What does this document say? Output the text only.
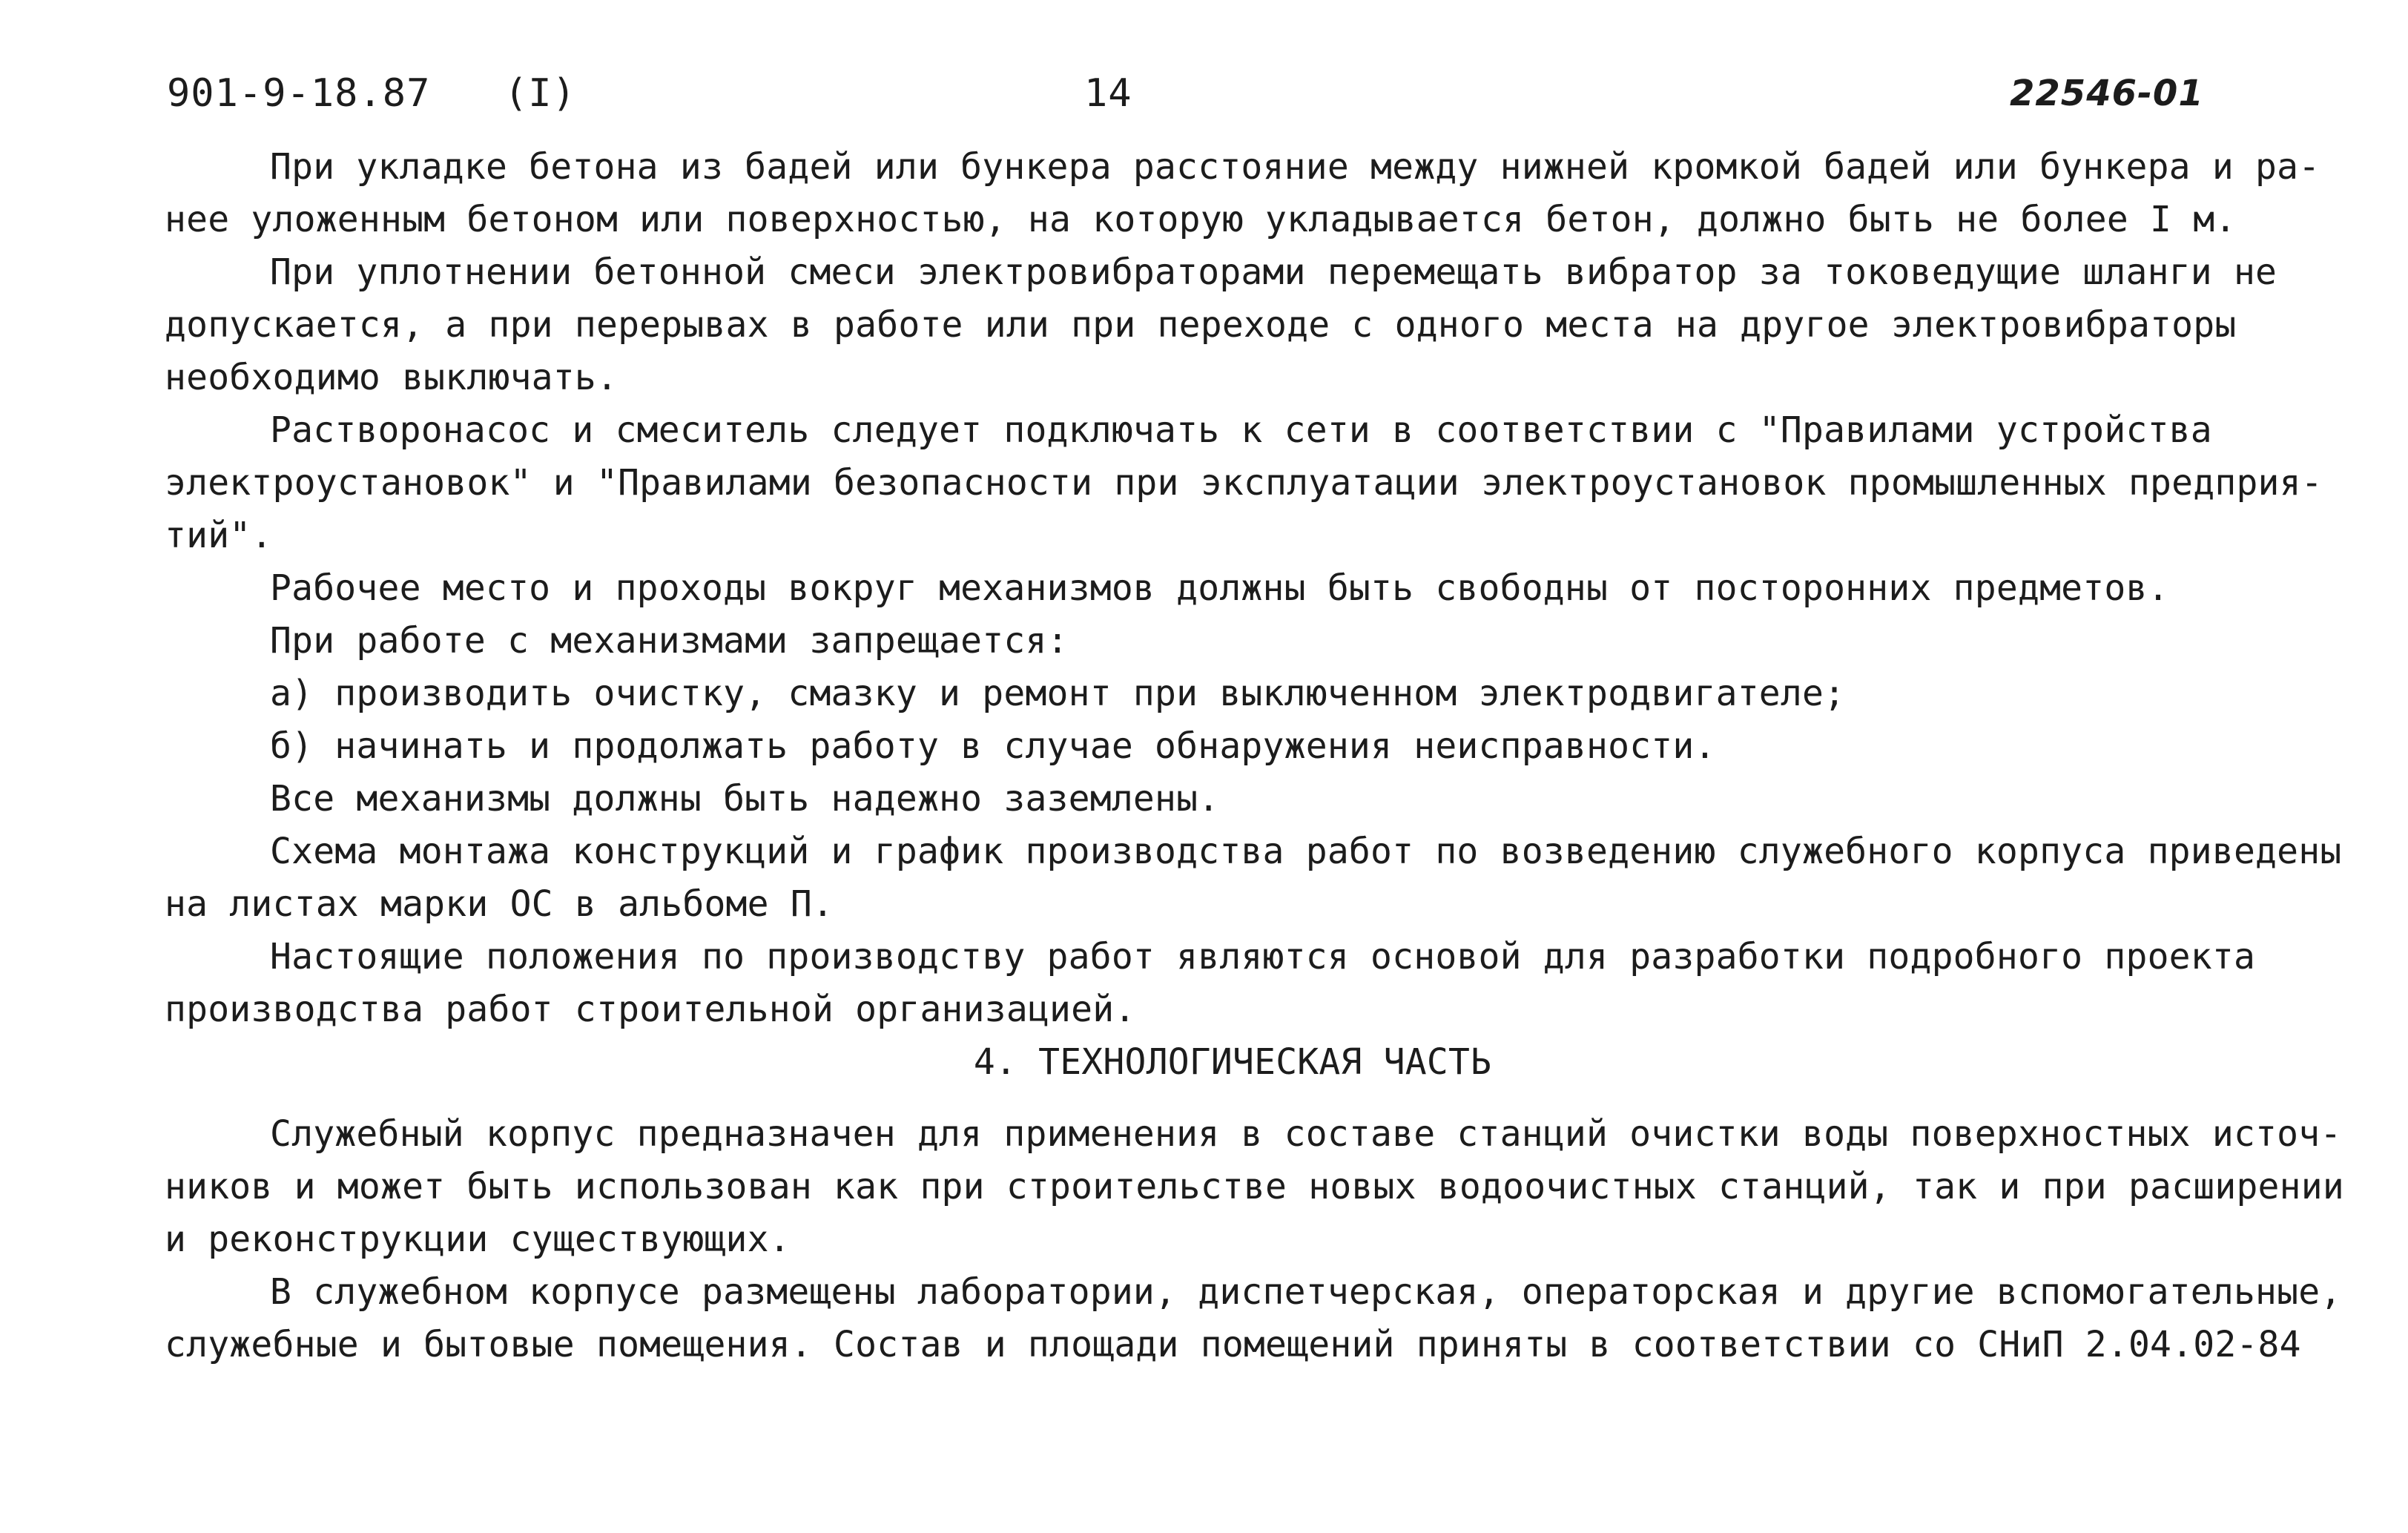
901-9-18.87 (I)	14	22546-01

При укладке бетона из бадей или бункера расстояние между нижней кромкой бадей или бункера и ра-
нее уложенным бетоном или поверхностью, на которую укладывается бетон, должно быть не более I м.

При уплотнении бетонной смеси электровибраторами перемещать вибратор за токоведущие шланги не
допускается, а при перерывах в работе или при переходе с одного места на другое электровибраторы
необходимо выключать.

Растворонасос и смеситель следует подключать к сети в соответствии с "Правилами устройства
электроустановок" и "Правилами безопасности при эксплуатации электроустановок промышленных предприя-
тий".

Рабочее место и проходы вокруг механизмов должны быть свободны от посторонних предметов.

При работе с механизмами запрещается:

а) производить очистку, смазку и ремонт при выключенном электродвигателе;

б) начинать и продолжать работу в случае обнаружения неисправности.

Все механизмы должны быть надежно заземлены.

Схема монтажа конструкций и график производства работ по возведению служебного корпуса приведены
на листах марки ОС в альбоме П.

Настоящие положения по производству работ являются основой для разработки подробного проекта
производства работ строительной организацией.

4. ТЕХНОЛОГИЧЕСКАЯ ЧАСТЬ

Служебный корпус предназначен для применения в составе станций очистки воды поверхностных источ-
ников и может быть использован как при строительстве новых водоочистных станций, так и при расширении
и реконструкции существующих.

В служебном корпусе размещены лаборатории, диспетчерская, операторская и другие вспомогательные,
служебные и бытовые помещения. Состав и площади помещений приняты в соответствии со СНиП 2.04.02-84
